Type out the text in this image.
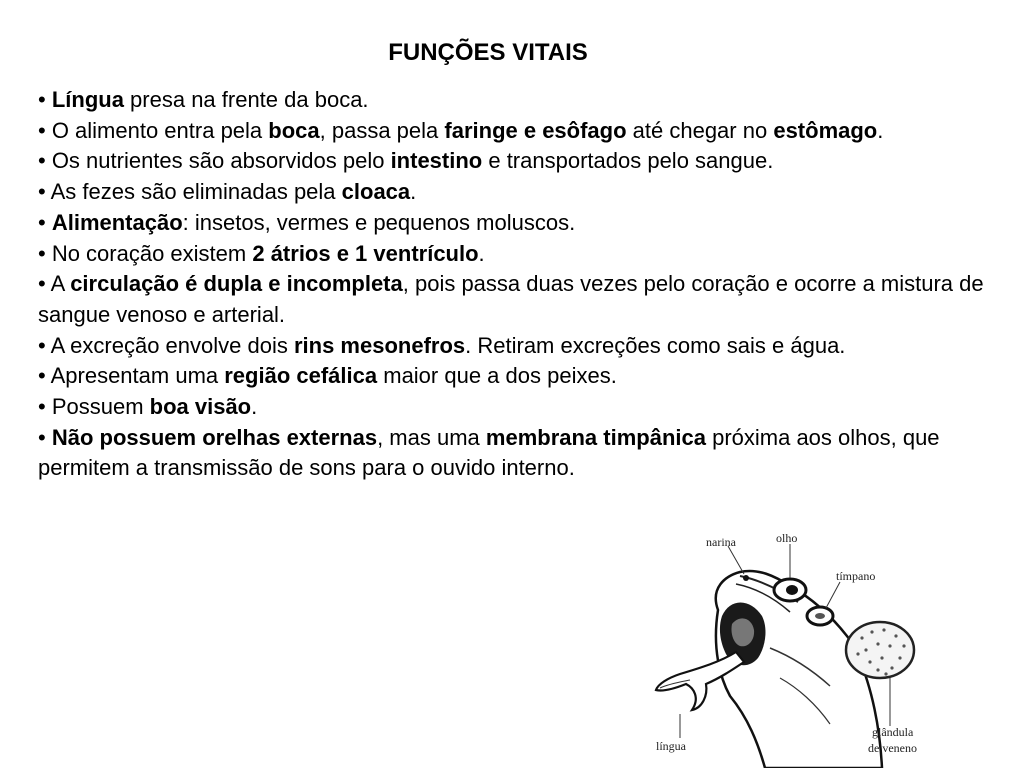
FUNÇÕES VITAIS
• Língua presa na frente da boca.
• O alimento entra pela boca, passa pela faringe e esôfago até chegar no estômago.
• Os nutrientes são absorvidos pelo intestino e transportados pelo sangue.
• As fezes são eliminadas pela cloaca.
• Alimentação: insetos, vermes e pequenos moluscos.
• No coração existem 2 átrios e 1 ventrículo.
• A circulação é dupla e incompleta, pois passa duas vezes pelo coração e ocorre a mistura de sangue venoso e arterial.
• A excreção envolve dois rins mesonefros. Retiram excreções como sais e água.
• Apresentam uma região cefálica maior que a dos peixes.
• Possuem boa visão.
• Não possuem orelhas externas, mas uma membrana timpânica próxima aos olhos, que permitem a transmissão de sons para o ouvido interno.
narina	olho
tímpano
língua
glândula
de veneno
